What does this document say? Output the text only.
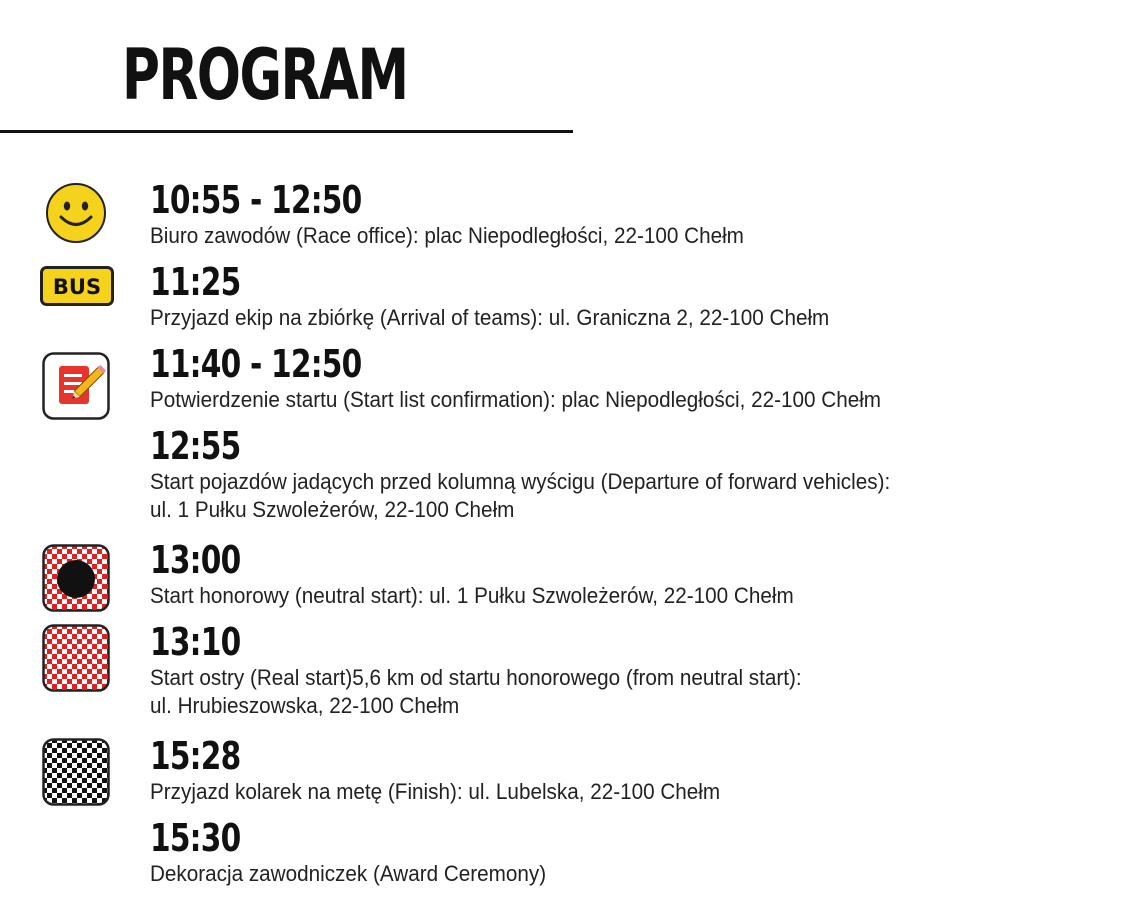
PROGRAM
10:55 - 12:50
Biuro zawodów (Race office): plac Niepodległości, 22-100 Chełm
BUS 11:25
Przyjazd ekip na zbiórkę (Arrival of teams): ul. Graniczna 2, 22-100 Chełm
11:40 - 12:50
Potwierdzenie startu (Start list confirmation): plac Niepodległości, 22-100 Chełm
12:55
Start pojazdów jadących przed kolumną wyścigu (Departure of forward vehicles):
ul. 1 Pułku Szwoleżerów, 22-100 Chełm
13:00
Start honorowy (neutral start): ul. 1 Pułku Szwoleżerów, 22-100 Chełm
13:10
Start ostry (Real start)5,6 km od startu honorowego (from neutral start):
ul. Hrubieszowska, 22-100 Chełm
15:28
Przyjazd kolarek na metę (Finish): ul. Lubelska, 22-100 Chełm
15:30
Dekoracja zawodniczek (Award Ceremony)
